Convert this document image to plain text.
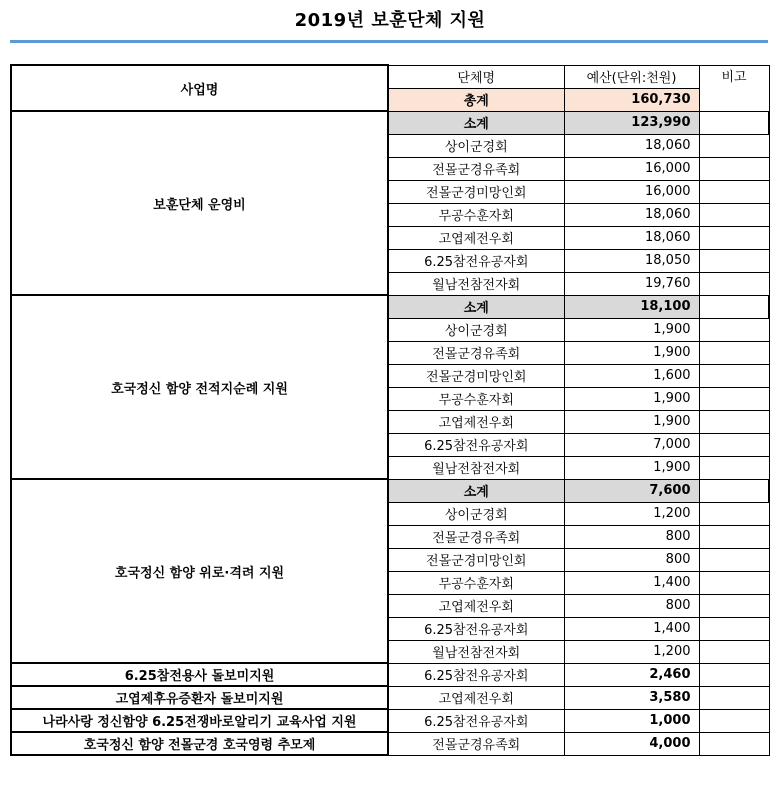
2019년 보훈단체 지원
사업명	단체명	예산(단위:천원)	비고
	총계	160,730	
보훈단체 운영비	소계	123,990	
	상이군경회	18,060	
	전몰군경유족회	16,000	
	전몰군경미망인회	16,000	
	무공수훈자회	18,060	
	고엽제전우회	18,060	
	6.25참전유공자회	18,050	
	월남전참전자회	19,760	
호국정신 함양 전적지순례 지원	소계	18,100	
	상이군경회	1,900	
	전몰군경유족회	1,900	
	전몰군경미망인회	1,600	
	무공수훈자회	1,900	
	고엽제전우회	1,900	
	6.25참전유공자회	7,000	
	월남전참전자회	1,900	
호국정신 함양 위로·격려 지원	소계	7,600	
	상이군경회	1,200	
	전몰군경유족회	800	
	전몰군경미망인회	800	
	무공수훈자회	1,400	
	고엽제전우회	800	
	6.25참전유공자회	1,400	
	월남전참전자회	1,200	
6.25참전용사 돌보미지원	6.25참전유공자회	2,460	
고엽제후유증환자 돌보미지원	고엽제전우회	3,580	
나라사랑 정신함양 6.25전쟁바로알리기 교육사업 지원	6.25참전유공자회	1,000	
호국정신 함양 전몰군경 호국영령 추모제	전몰군경유족회	4,000	
